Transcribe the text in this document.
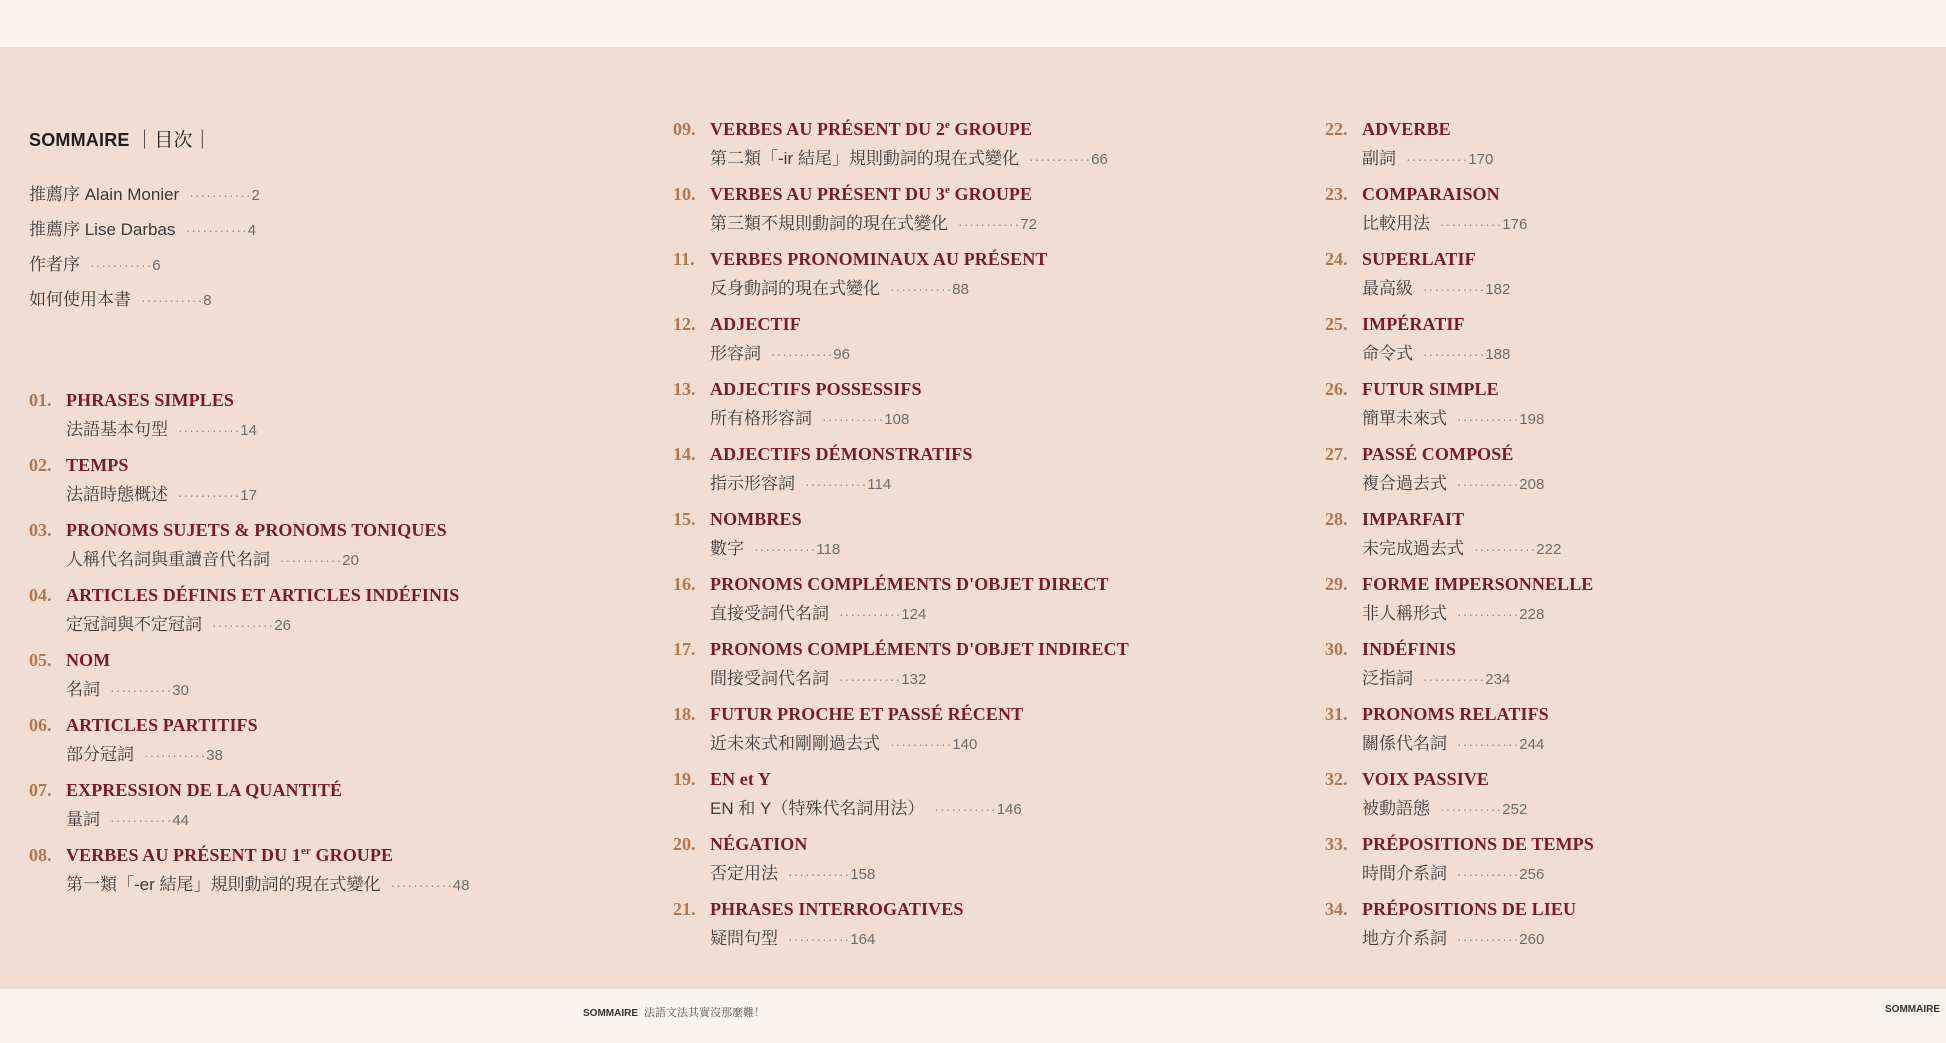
SOMMAIRE ｜目次｜
推薦序 Alain Monier ··········· 2
推薦序 Lise Darbas ··········· 4
作者序 ··········· 6
如何使用本書 ··········· 8
01. PHRASES SIMPLES
法語基本句型 ··········· 14
02. TEMPS
法語時態概述 ··········· 17
03. PRONOMS SUJETS & PRONOMS TONIQUES
人稱代名詞與重讀音代名詞 ··········· 20
04. ARTICLES DÉFINIS ET ARTICLES INDÉFINIS
定冠詞與不定冠詞 ··········· 26
05. NOM
名詞 ··········· 30
06. ARTICLES PARTITIFS
部分冠詞 ··········· 38
07. EXPRESSION DE LA QUANTITÉ
量詞 ··········· 44
08. VERBES AU PRÉSENT DU 1er GROUPE
第一類「-er 結尾」規則動詞的現在式變化 ··········· 48
09. VERBES AU PRÉSENT DU 2e GROUPE
第二類「-ir 結尾」規則動詞的現在式變化 ··········· 66
10. VERBES AU PRÉSENT DU 3e GROUPE
第三類不規則動詞的現在式變化 ··········· 72
11. VERBES PRONOMINAUX AU PRÉSENT
反身動詞的現在式變化 ··········· 88
12. ADJECTIF
形容詞 ··········· 96
13. ADJECTIFS POSSESSIFS
所有格形容詞 ··········· 108
14. ADJECTIFS DÉMONSTRATIFS
指示形容詞 ··········· 114
15. NOMBRES
數字 ··········· 118
16. PRONOMS COMPLÉMENTS D'OBJET DIRECT
直接受詞代名詞 ··········· 124
17. PRONOMS COMPLÉMENTS D'OBJET INDIRECT
間接受詞代名詞 ··········· 132
18. FUTUR PROCHE ET PASSÉ RÉCENT
近未來式和剛剛過去式 ··········· 140
19. EN et Y
EN 和 Y（特殊代名詞用法） ··········· 146
20. NÉGATION
否定用法 ··········· 158
21. PHRASES INTERROGATIVES
疑問句型 ··········· 164
22. ADVERBE
副詞 ··········· 170
23. COMPARAISON
比較用法 ··········· 176
24. SUPERLATIF
最高級 ··········· 182
25. IMPÉRATIF
命令式 ··········· 188
26. FUTUR SIMPLE
簡單未來式 ··········· 198
27. PASSÉ COMPOSÉ
複合過去式 ··········· 208
28. IMPARFAIT
未完成過去式 ··········· 222
29. FORME IMPERSONNELLE
非人稱形式 ··········· 228
30. INDÉFINIS
泛指詞 ··········· 234
31. PRONOMS RELATIFS
關係代名詞 ··········· 244
32. VOIX PASSIVE
被動語態 ··········· 252
33. PRÉPOSITIONS DE TEMPS
時間介系詞 ··········· 256
34. PRÉPOSITIONS DE LIEU
地方介系詞 ··········· 260
SOMMAIRE 法語文法其實沒那麼難！	SOMMAIRE
